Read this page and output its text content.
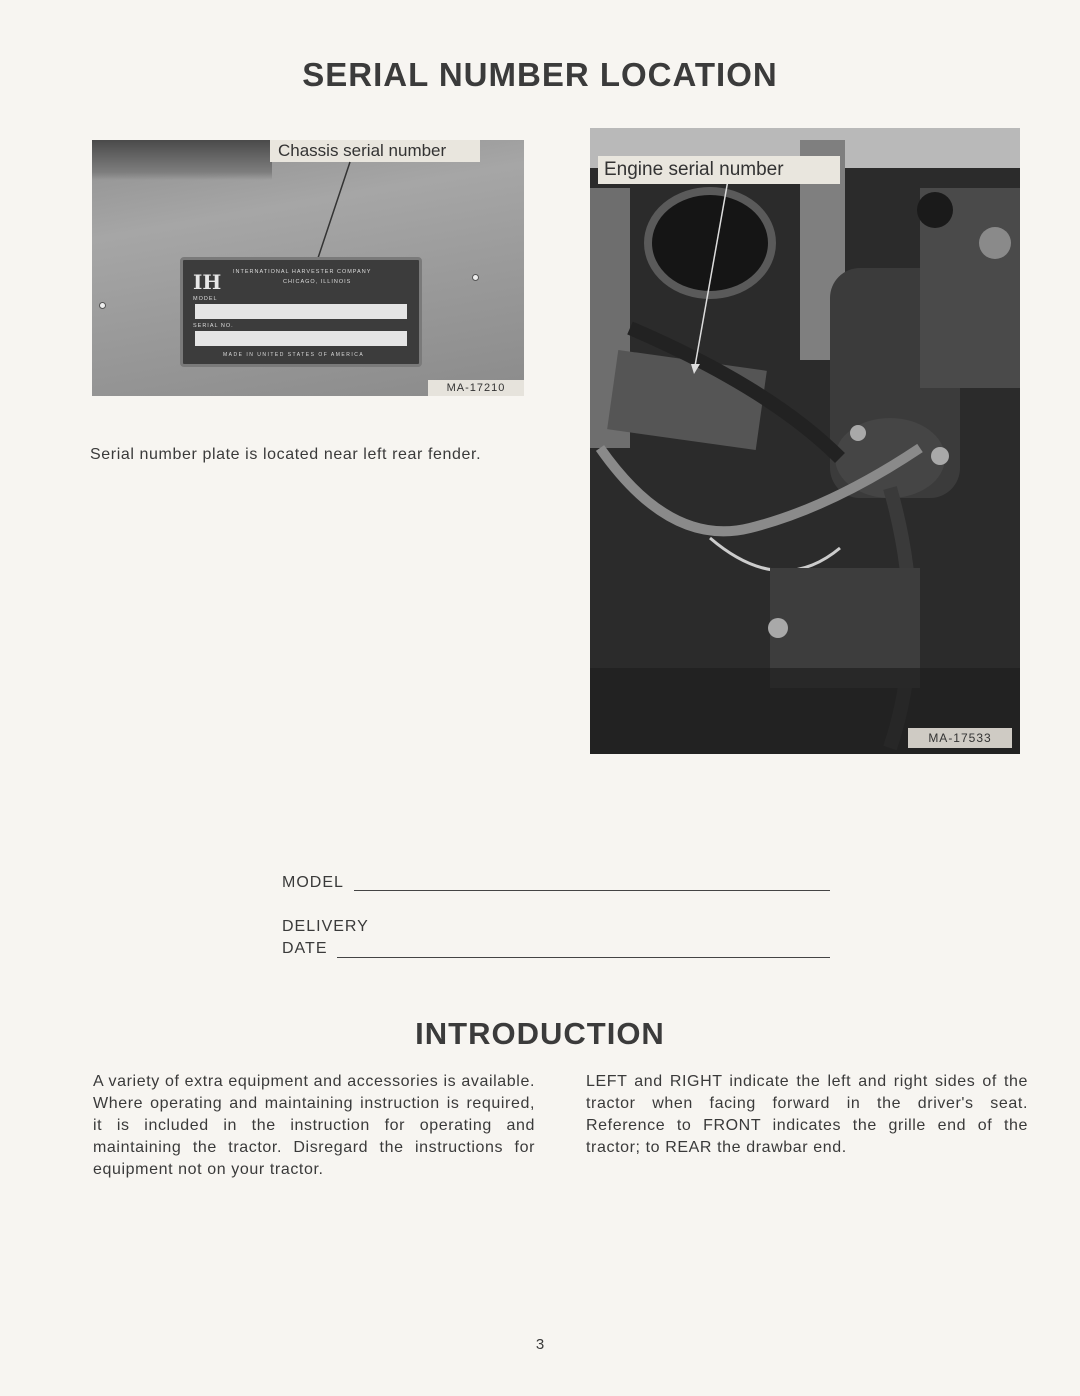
SERIAL NUMBER LOCATION
Chassis serial number
IH INTERNATIONAL HARVESTER COMPANY
CHICAGO, ILLINOIS
MODEL
SERIAL NO.
MADE IN UNITED STATES OF AMERICA
MA-17210
Serial number plate is located near left rear fender.
Engine serial number
MA-17533
MODEL
DELIVERY
DATE
INTRODUCTION
A variety of extra equipment and accessories is available. Where operating and maintaining instruction is required, it is included in the instruction for operating and maintaining the tractor. Disregard the instructions for equipment not on your tractor.
LEFT and RIGHT indicate the left and right sides of the tractor when facing forward in the driver's seat. Reference to FRONT indicates the grille end of the tractor; to REAR the drawbar end.
3
